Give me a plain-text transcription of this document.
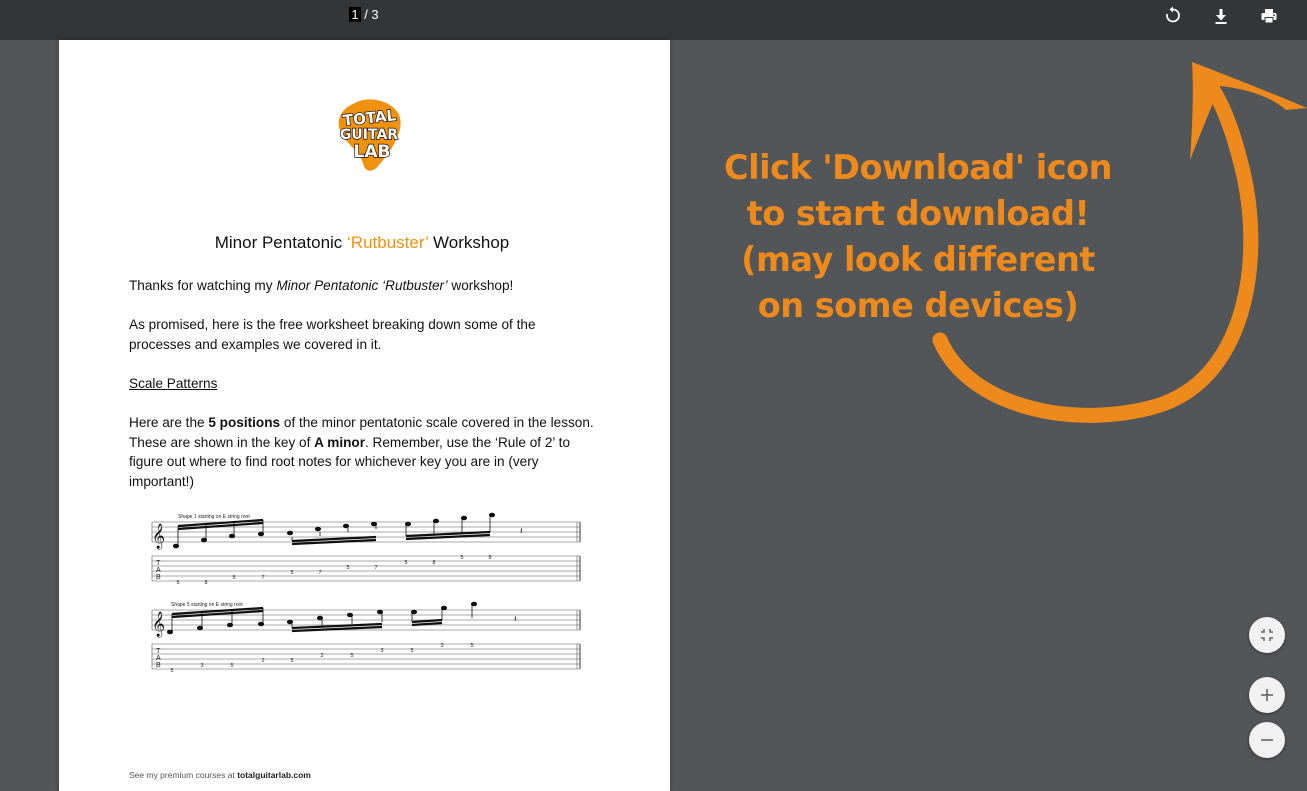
1 / 3
TOTAL
GUITAR
LAB
Minor Pentatonic ‘Rutbuster’ Workshop

Thanks for watching my Minor Pentatonic ‘Rutbuster’ workshop!

As promised, here is the free worksheet breaking down some of the processes and examples we covered in it.

Scale Patterns

Here are the 5 positions of the minor pentatonic scale covered in the lesson. These are shown in the key of A minor. Remember, use the ‘Rule of 2’ to figure out where to find root notes for whichever key you are in (very important!)

Shape 1 starting on E string root
𝄞	𝄽
T
A
B
5	8
5	7
5	7
5	7
5	8
5	8
Shape 5 starting on E string root
𝄞	𝄽
T
A
B
5
3	5
2	5
2	5
3	5
3	5
See my premium courses at totalguitarlab.com
Click 'Download' icon
to start download!
(may look different
on some devices)
